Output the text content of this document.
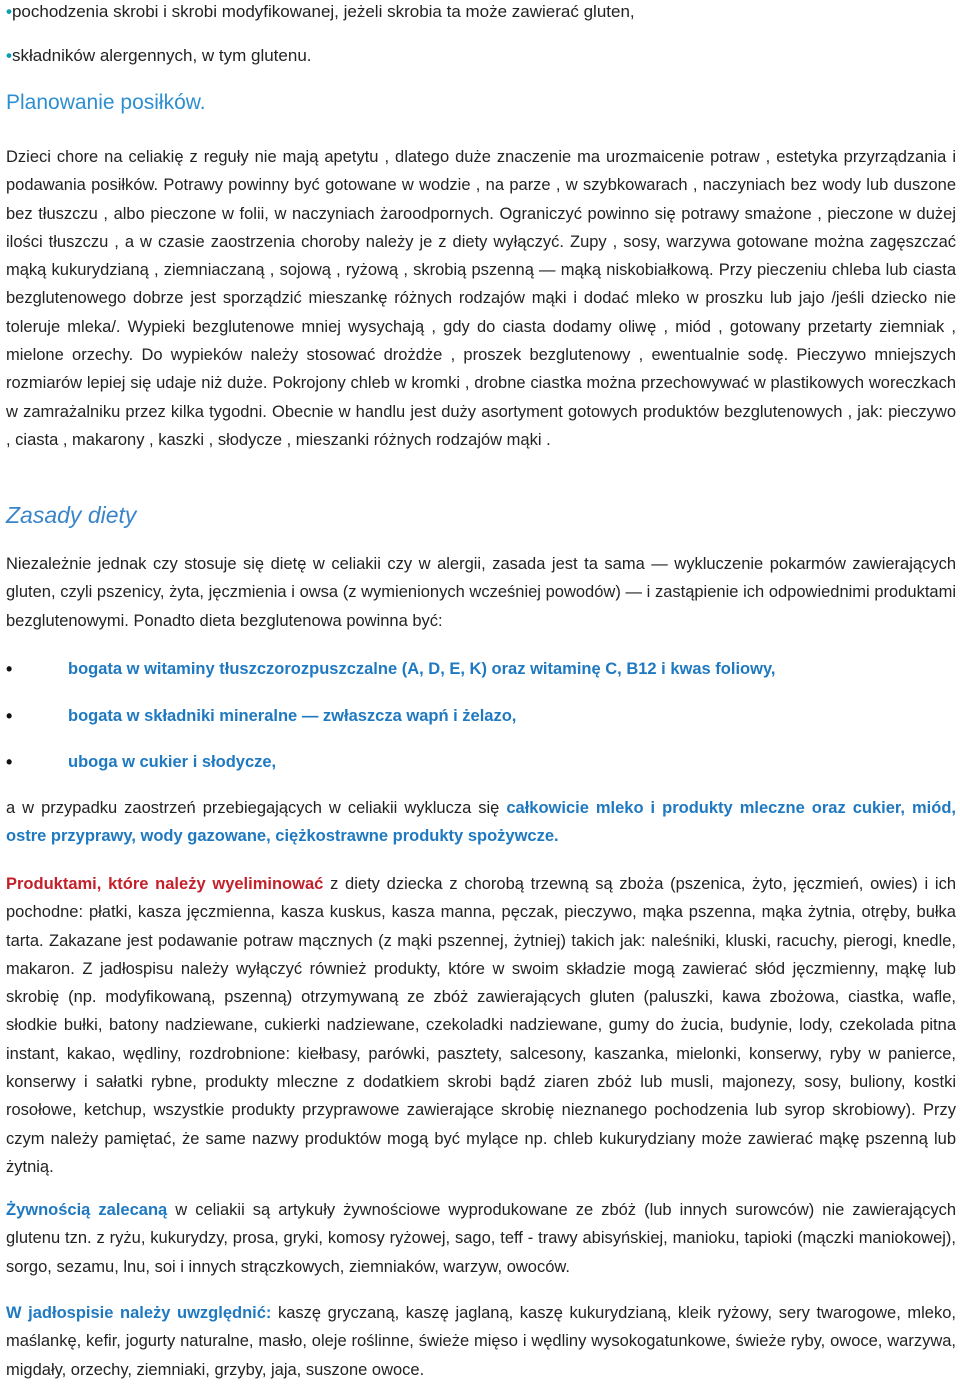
•pochodzenia skrobi i skrobi modyfikowanej, jeżeli skrobia ta może zawierać gluten,
•składników alergennych, w tym glutenu.
Planowanie posiłków.

Dzieci chore na celiakię z reguły nie mają apetytu , dlatego duże znaczenie ma urozmaicenie potraw , estetyka przyrządzania i podawania posiłków. Potrawy powinny być gotowane w wodzie , na parze , w szybkowarach , naczyniach bez wody lub duszone bez tłuszczu , albo pieczone w folii, w naczyniach żaroodpornych. Ograniczyć powinno się potrawy smażone , pieczone w dużej ilości tłuszczu , a w czasie zaostrzenia choroby należy je z diety wyłączyć. Zupy , sosy, warzywa gotowane można zagęszczać mąką kukurydzianą , ziemniaczaną , sojową , ryżową , skrobią pszenną — mąką niskobiałkową. Przy pieczeniu chleba lub ciasta bezglutenowego dobrze jest sporządzić mieszankę różnych rodzajów mąki i dodać mleko w proszku lub jajo /jeśli dziecko nie toleruje mleka/. Wypieki bezglutenowe mniej wysychają , gdy do ciasta dodamy oliwę , miód , gotowany przetarty ziemniak , mielone orzechy. Do wypieków należy stosować drożdże , proszek bezglutenowy , ewentualnie sodę. Pieczywo mniejszych rozmiarów lepiej się udaje niż duże. Pokrojony chleb w kromki , drobne ciastka można przechowywać w plastikowych woreczkach w zamrażalniku przez kilka tygodni. Obecnie w handlu jest duży asortyment gotowych produktów bezglutenowych , jak: pieczywo , ciasta , makarony , kaszki , słodycze , mieszanki różnych rodzajów mąki .

Zasady diety

Niezależnie jednak czy stosuje się dietę w celiakii czy w alergii, zasada jest ta sama — wykluczenie pokarmów zawierających gluten, czyli pszenicy, żyta, jęczmienia i owsa (z wymienionych wcześniej powodów) — i zastąpienie ich odpowiednimi produktami bezglutenowymi. Ponadto dieta bezglutenowa powinna być:

•	bogata w witaminy tłuszczorozpuszczalne (A, D, E, K) oraz witaminę C, B12 i kwas foliowy,
•	bogata w składniki mineralne — zwłaszcza wapń i żelazo,
•	uboga w cukier i słodycze,

a w przypadku zaostrzeń przebiegających w celiakii wyklucza się całkowicie mleko i produkty mleczne oraz cukier, miód, ostre przyprawy, wody gazowane, ciężkostrawne produkty spożywcze.

Produktami, które należy wyeliminować z diety dziecka z chorobą trzewną są zboża (pszenica, żyto, jęczmień, owies) i ich pochodne: płatki, kasza jęczmienna, kasza kuskus, kasza manna, pęczak, pieczywo, mąka pszenna, mąka żytnia, otręby, bułka tarta. Zakazane jest podawanie potraw mącznych (z mąki pszennej, żytniej) takich jak: naleśniki, kluski, racuchy, pierogi, knedle, makaron. Z jadłospisu należy wyłączyć również produkty, które w swoim składzie mogą zawierać słód jęczmienny, mąkę lub skrobię (np. modyfikowaną, pszenną) otrzymywaną ze zbóż zawierających gluten (paluszki, kawa zbożowa, ciastka, wafle, słodkie bułki, batony nadziewane, cukierki nadziewane, czekoladki nadziewane, gumy do żucia, budynie, lody, czekolada pitna instant, kakao, wędliny, rozdrobnione: kiełbasy, parówki, pasztety, salcesony, kaszanka, mielonki, konserwy, ryby w panierce, konserwy i sałatki rybne, produkty mleczne z dodatkiem skrobi bądź ziaren zbóż lub musli, majonezy, sosy, buliony, kostki rosołowe, ketchup, wszystkie produkty przyprawowe zawierające skrobię nieznanego pochodzenia lub syrop skrobiowy). Przy czym należy pamiętać, że same nazwy produktów mogą być mylące np. chleb kukurydziany może zawierać mąkę pszenną lub żytnią.

Żywnością zalecaną w celiakii są artykuły żywnościowe wyprodukowane ze zbóż (lub innych surowców) nie zawierających glutenu tzn. z ryżu, kukurydzy, prosa, gryki, komosy ryżowej, sago, teff - trawy abisyńskiej, manioku, tapioki (mączki maniokowej), sorgo, sezamu, lnu, soi i innych strączkowych, ziemniaków, warzyw, owoców.

W jadłospisie należy uwzględnić: kaszę gryczaną, kaszę jaglaną, kaszę kukurydzianą, kleik ryżowy, sery twarogowe, mleko, maślankę, kefir, jogurty naturalne, masło, oleje roślinne, świeże mięso i wędliny wysokogatunkowe, świeże ryby, owoce, warzywa, migdały, orzechy, ziemniaki, grzyby, jaja, suszone owoce.
